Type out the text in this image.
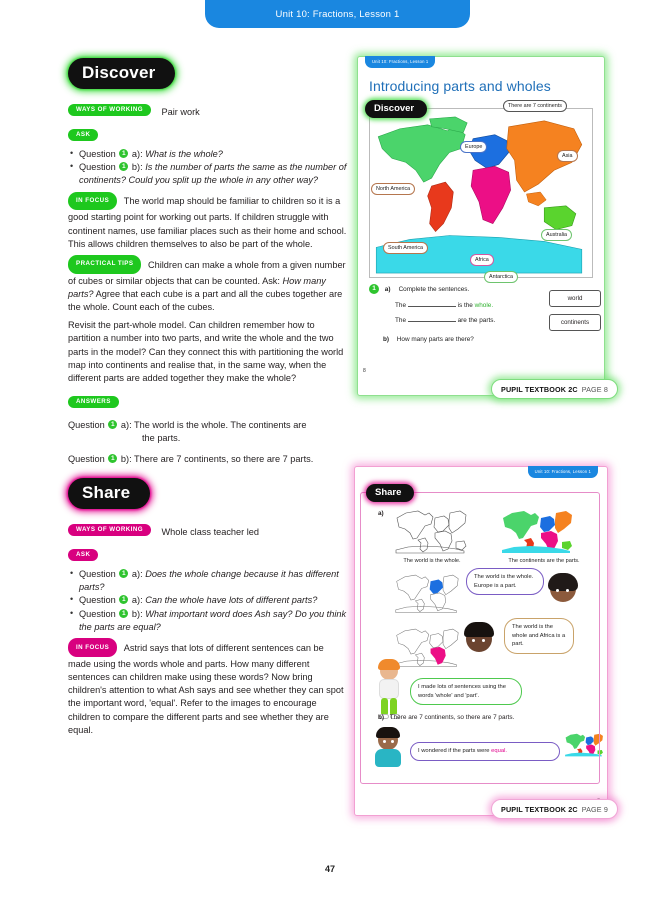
Unit 10: Fractions, Lesson 1
Discover
WAYS OF WORKING Pair work
ASK
• Question 1 a): What is the whole?
• Question 1 b): Is the number of parts the same as the number of continents? Could you split up the whole in any other way?

IN FOCUS The world map should be familiar to children so it is a good starting point for working out parts. If children struggle with continent names, use familiar places such as their home and school. This allows children themselves to also be part of the whole.

PRACTICAL TIPS Children can make a whole from a given number of cubes or similar objects that can be counted. Ask: How many parts? Agree that each cube is a part and all the cubes together are the whole. Count each of the cubes.

Revisit the part-whole model. Can children remember how to partition a number into two parts, and write the whole and the two parts in the model? Can they connect this with partitioning the world map into continents and realise that, in the same way, when the different parts are added together they make the whole?

ANSWERS
Question 1 a): The world is the whole. The continents are
the parts.
Question 1 b): There are 7 continents, so there are 7 parts.
Share
WAYS OF WORKING Whole class teacher led
ASK
• Question 1 a): Does the whole change because it has different parts?
• Question 1 a): Can the whole have lots of different parts?
• Question 1 b): What important word does Ash say? Do you think the parts are equal?

IN FOCUS Astrid says that lots of different sentences can be made using the words whole and parts. How many different sentences can children make using these words? Now bring children's attention to what Ash says and see whether they can spot the important word, 'equal'. Refer to the images to encourage children to compare the different parts and see whether they are equal.

Unit 10: Fractions, Lesson 1
Introducing parts and wholes
Discover	There are 7 continents
North America
South America
Europe
Africa
Asia
Australia
Antarctica
1 a) Complete the sentences.
The	is the whole.
The	are the parts.
b) How many parts are there?
world
continents
8
PUPIL TEXTBOOK 2C PAGE 8
Unit 10: Fractions, Lesson 1
Share
a)
The world is the whole.	The continents are the parts.
The world is the whole. Europe is a part.
The world is the whole and Africa is a part.
I made lots of sentences using the words 'whole' and 'part'.
b) There are 7 continents, so there are 7 parts.
I wondered if the parts were equal.
PUPIL TEXTBOOK 2C PAGE 9
47
